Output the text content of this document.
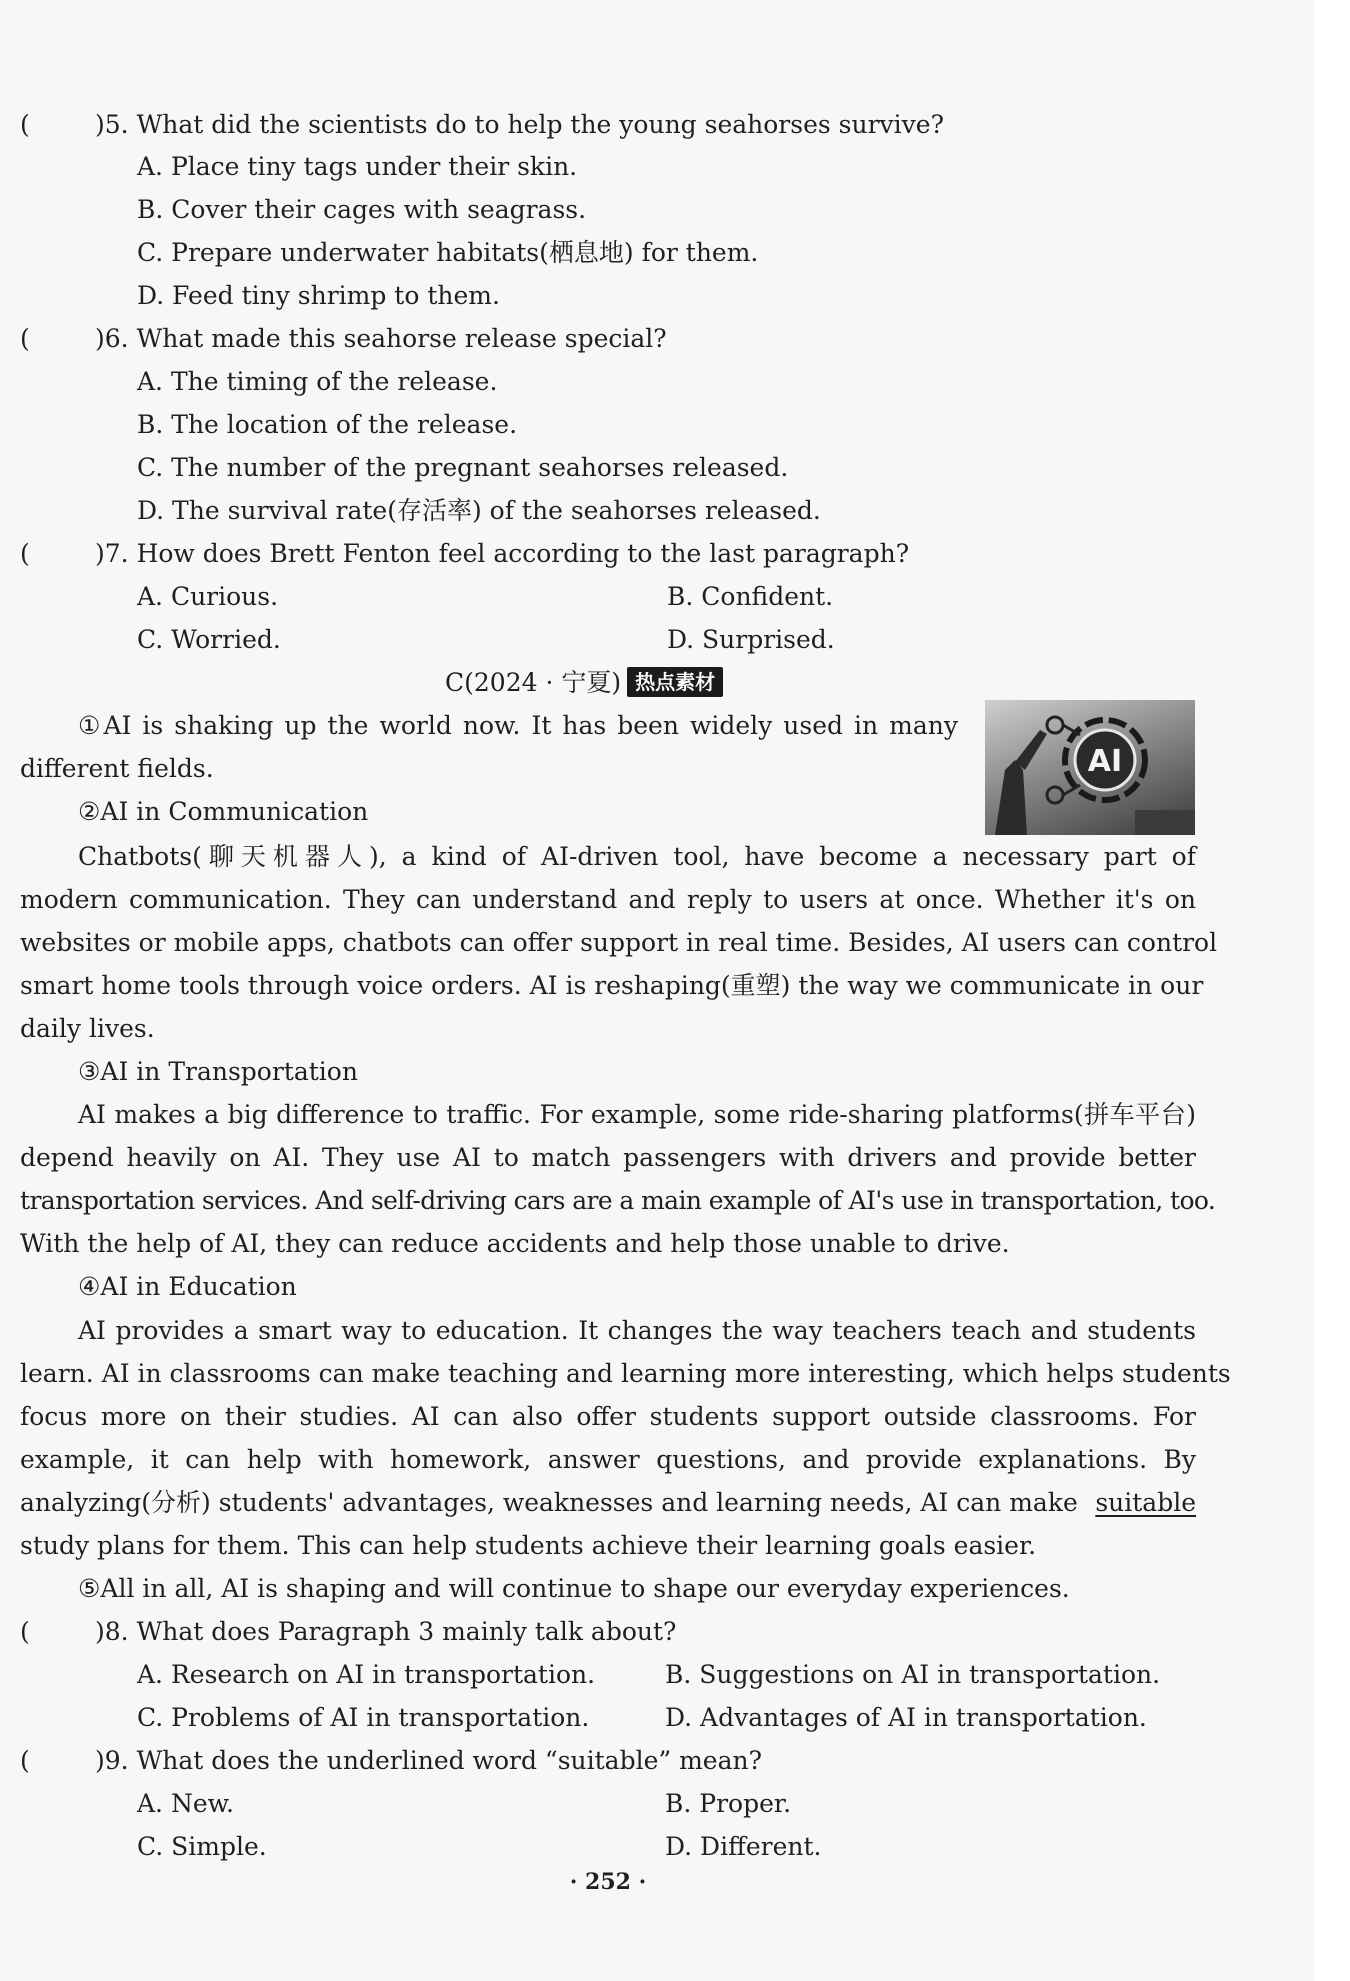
(	)5. What did the scientists do to help the young seahorses survive?
A. Place tiny tags under their skin.
B. Cover their cages with seagrass.
C. Prepare underwater habitats(栖息地) for them.
D. Feed tiny shrimp to them.
(	)6. What made this seahorse release special?
A. The timing of the release.
B. The location of the release.
C. The number of the pregnant seahorses released.
D. The survival rate(存活率) of the seahorses released.
(	)7. How does Brett Fenton feel according to the last paragraph?
A. Curious.	B. Confident.
C. Worried.	D. Surprised.
C(2024 · 宁夏) 热点素材
AI
①AI is shaking up the world now. It has been widely used in many
different fields.
②AI in Communication
Chatbots(聊天机器人), a kind of AI-driven tool, have become a necessary part of
modern communication. They can understand and reply to users at once. Whether it's on
websites or mobile apps, chatbots can offer support in real time. Besides, AI users can control
smart home tools through voice orders. AI is reshaping(重塑) the way we communicate in our
daily lives.
③AI in Transportation
AI makes a big difference to traffic. For example, some ride-sharing platforms(拼车平台)
depend heavily on AI. They use AI to match passengers with drivers and provide better
transportation services. And self-driving cars are a main example of AI's use in transportation, too.
With the help of AI, they can reduce accidents and help those unable to drive.
④AI in Education
AI provides a smart way to education. It changes the way teachers teach and students
learn. AI in classrooms can make teaching and learning more interesting, which helps students
focus more on their studies. AI can also offer students support outside classrooms. For
example, it can help with homework, answer questions, and provide explanations. By
analyzing(分析) students' advantages, weaknesses and learning needs, AI can make suitable
study plans for them. This can help students achieve their learning goals easier.
⑤All in all, AI is shaping and will continue to shape our everyday experiences.
(	)8. What does Paragraph 3 mainly talk about?
A. Research on AI in transportation.	B. Suggestions on AI in transportation.
C. Problems of AI in transportation.	D. Advantages of AI in transportation.
(	)9. What does the underlined word “suitable” mean?
A. New.	B. Proper.
C. Simple.	D. Different.
· 252 ·
